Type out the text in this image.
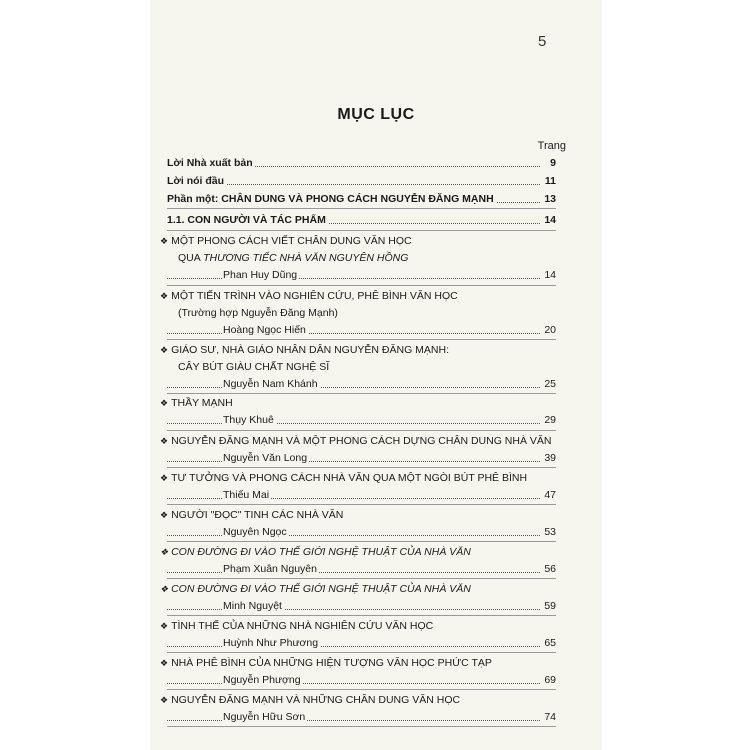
5
MỤC LỤC
Trang
Lời Nhà xuất bản	9
Lời nói đầu	11
Phần một: CHÂN DUNG VÀ PHONG CÁCH NGUYỄN ĐĂNG MẠNH	13
1.1. CON NGƯỜI VÀ TÁC PHẨM	14
❖ MỘT PHONG CÁCH VIẾT CHÂN DUNG VĂN HỌC
QUA THƯƠNG TIẾC NHÀ VĂN NGUYÊN HỒNG
Phan Huy Dũng	14
❖ MỘT TIẾN TRÌNH VÀO NGHIÊN CỨU, PHÊ BÌNH VĂN HỌC
(Trường hợp Nguyễn Đăng Mạnh)
Hoàng Ngọc Hiến	20
❖ GIÁO SƯ, NHÀ GIÁO NHÂN DÂN NGUYỄN ĐĂNG MẠNH:
CÂY BÚT GIÀU CHẤT NGHỆ SĨ
Nguyễn Nam Khánh	25
❖ THẦY MẠNH
Thụy Khuê	29
❖ NGUYỄN ĐĂNG MẠNH VÀ MỘT PHONG CÁCH DỰNG CHÂN DUNG NHÀ VĂN
Nguyễn Văn Long	39
❖ TƯ TƯỞNG VÀ PHONG CÁCH NHÀ VĂN QUA MỘT NGÒI BÚT PHÊ BÌNH
Thiếu Mai	47
❖ NGƯỜI "ĐỌC" TINH CÁC NHÀ VĂN
Nguyên Ngọc	53
❖ CON ĐƯỜNG ĐI VÀO THẾ GIỚI NGHỆ THUẬT CỦA NHÀ VĂN
Phạm Xuân Nguyên	56
❖ CON ĐƯỜNG ĐI VÀO THẾ GIỚI NGHỆ THUẬT CỦA NHÀ VĂN
Minh Nguyệt	59
❖ TÌNH THẾ CỦA NHỮNG NHÀ NGHIÊN CỨU VĂN HỌC
Huỳnh Như Phương	65
❖ NHÀ PHÊ BÌNH CỦA NHỮNG HIỆN TƯỢNG VĂN HỌC PHỨC TẠP
Nguyễn Phượng	69
❖ NGUYỄN ĐĂNG MẠNH VÀ NHỮNG CHÂN DUNG VĂN HỌC
Nguyễn Hữu Sơn	74
